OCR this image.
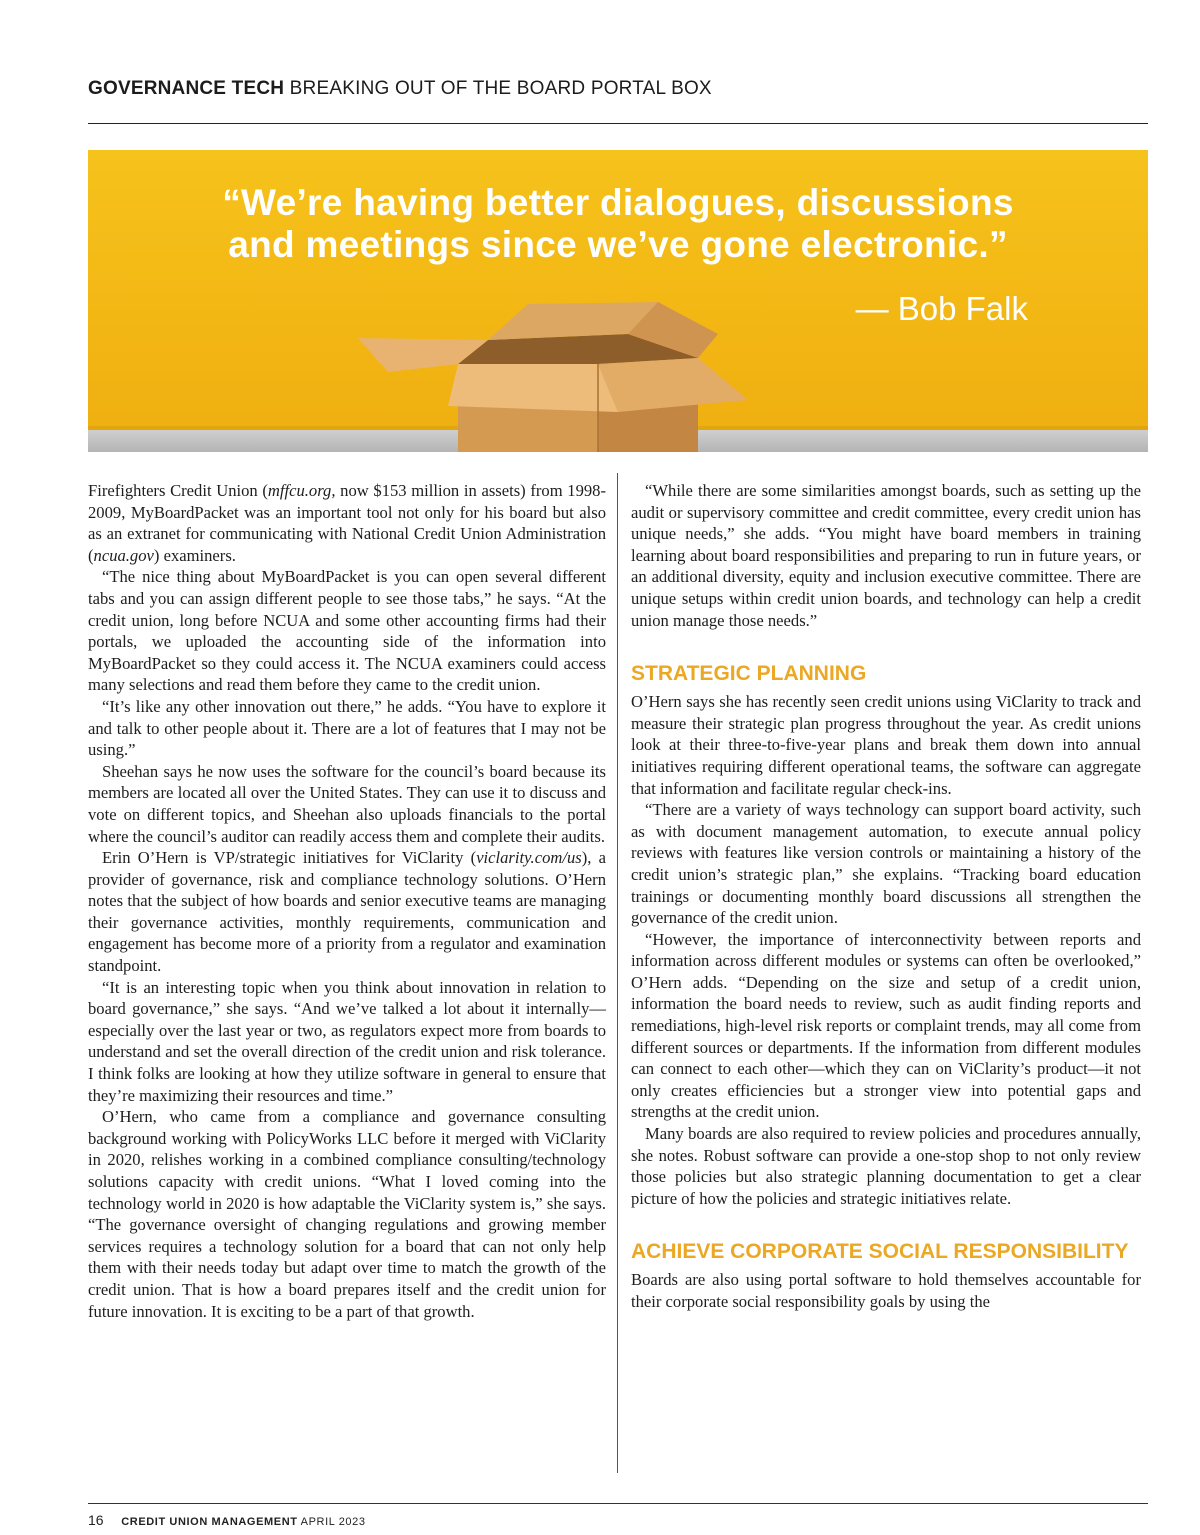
GOVERNANCE TECH BREAKING OUT OF THE BOARD PORTAL BOX
“We’re having better dialogues, discussions
and meetings since we’ve gone electronic.”
— Bob Falk

Firefighters Credit Union (mffcu.org, now $153 million in assets) from 1998-2009, MyBoardPacket was an important tool not only for his board but also as an extranet for communicating with National Credit Union Administration (ncua.gov) examiners.

“The nice thing about MyBoardPacket is you can open several different tabs and you can assign different people to see those tabs,” he says. “At the credit union, long before NCUA and some other accounting firms had their portals, we uploaded the accounting side of the information into MyBoardPacket so they could access it. The NCUA examiners could access many selections and read them before they came to the credit union.

“It’s like any other innovation out there,” he adds. “You have to explore it and talk to other people about it. There are a lot of features that I may not be using.”

Sheehan says he now uses the software for the council’s board because its members are located all over the United States. They can use it to discuss and vote on different topics, and Sheehan also uploads financials to the portal where the council’s auditor can readily access them and complete their audits.

Erin O’Hern is VP/strategic initiatives for ViClarity (viclarity.com/us), a provider of governance, risk and compliance technology solutions. O’Hern notes that the subject of how boards and senior executive teams are managing their governance activities, monthly requirements, communication and engagement has become more of a priority from a regulator and examination standpoint.

“It is an interesting topic when you think about innovation in relation to board governance,” she says. “And we’ve talked a lot about it internally—especially over the last year or two, as regulators expect more from boards to understand and set the overall direction of the credit union and risk tolerance. I think folks are looking at how they utilize software in general to ensure that they’re maximizing their resources and time.”

O’Hern, who came from a compliance and governance consulting background working with PolicyWorks LLC before it merged with ViClarity in 2020, relishes working in a combined compliance consulting/technology solutions capacity with credit unions. “What I loved coming into the technology world in 2020 is how adaptable the ViClarity system is,” she says. “The governance oversight of changing regulations and growing member services requires a technology solution for a board that can not only help them with their needs today but adapt over time to match the growth of the credit union. That is how a board prepares itself and the credit union for future innovation. It is exciting to be a part of that growth.

“While there are some similarities amongst boards, such as setting up the audit or supervisory committee and credit committee, every credit union has unique needs,” she adds. “You might have board members in training learning about board responsibilities and preparing to run in future years, or an additional diversity, equity and inclusion executive committee. There are unique setups within credit union boards, and technology can help a credit union manage those needs.”

STRATEGIC PLANNING

O’Hern says she has recently seen credit unions using ViClarity to track and measure their strategic plan progress throughout the year. As credit unions look at their three-to-five-year plans and break them down into annual initiatives requiring different operational teams, the software can aggregate that information and facilitate regular check-ins.

“There are a variety of ways technology can support board activity, such as with document management automation, to execute annual policy reviews with features like version controls or maintaining a history of the credit union’s strategic plan,” she explains. “Tracking board education trainings or documenting monthly board discussions all strengthen the governance of the credit union.

“However, the importance of interconnectivity between reports and information across different modules or systems can often be overlooked,” O’Hern adds. “Depending on the size and setup of a credit union, information the board needs to review, such as audit finding reports and remediations, high-level risk reports or complaint trends, may all come from different sources or departments. If the information from different modules can connect to each other—which they can on ViClarity’s product—it not only creates efficiencies but a stronger view into potential gaps and strengths at the credit union.

Many boards are also required to review policies and procedures annually, she notes. Robust software can provide a one-stop shop to not only review those policies but also strategic planning documentation to get a clear picture of how the policies and strategic initiatives relate.

ACHIEVE CORPORATE SOCIAL RESPONSIBILITY

Boards are also using portal software to hold themselves accountable for their corporate social responsibility goals by using the

16 CREDIT UNION MANAGEMENT APRIL 2023
